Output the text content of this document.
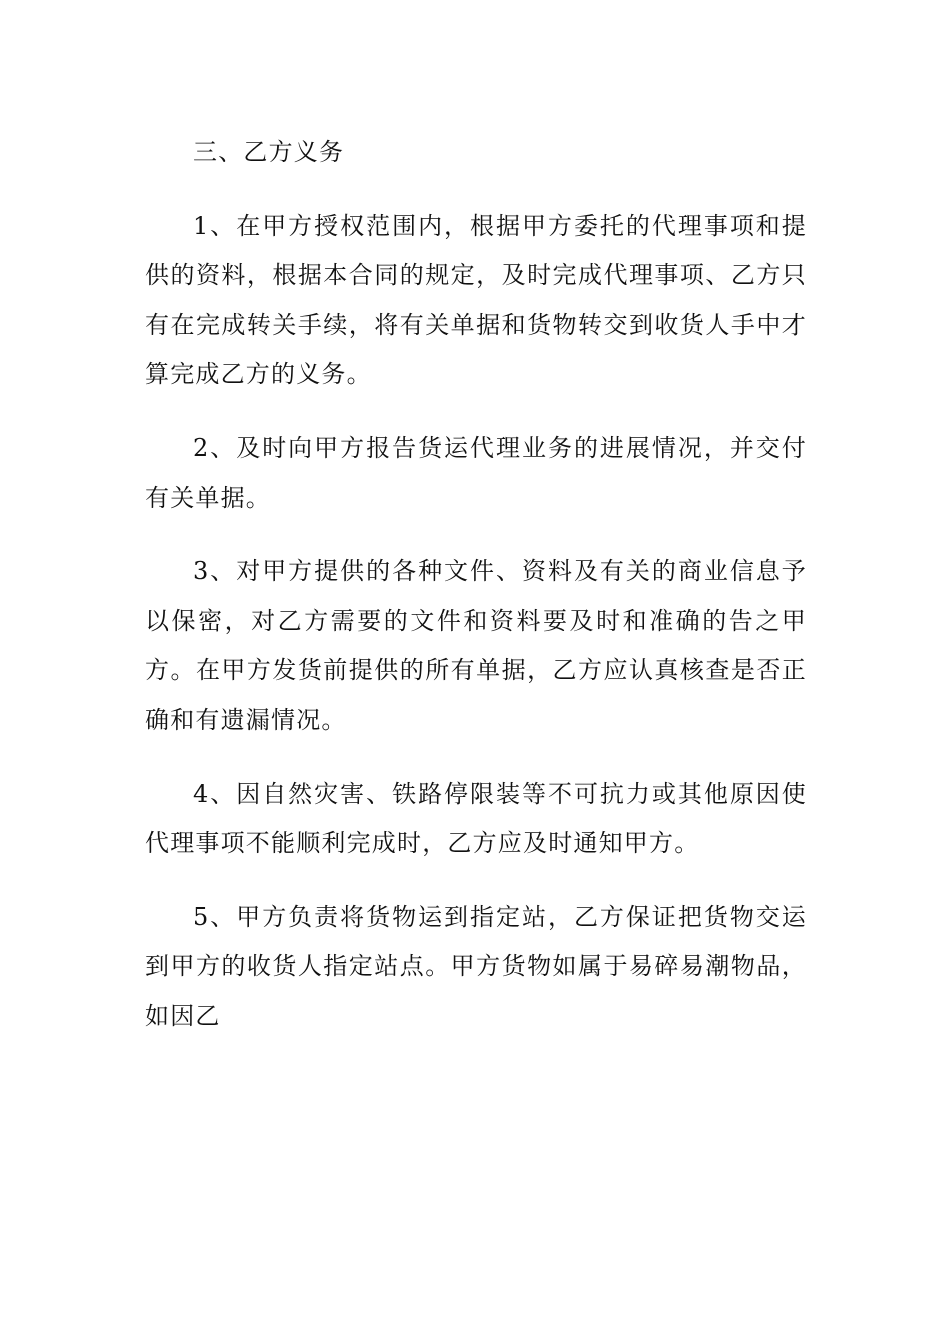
三、乙方义务

1、在甲方授权范围内，根据甲方委托的代理事项和提供的资料，根据本合同的规定，及时完成代理事项、乙方只有在完成转关手续，将有关单据和货物转交到收货人手中才算完成乙方的义务。

2、及时向甲方报告货运代理业务的进展情况，并交付有关单据。

3、对甲方提供的各种文件、资料及有关的商业信息予以保密，对乙方需要的文件和资料要及时和准确的告之甲方。在甲方发货前提供的所有单据，乙方应认真核查是否正确和有遗漏情况。

4、因自然灾害、铁路停限装等不可抗力或其他原因使代理事项不能顺利完成时，乙方应及时通知甲方。

5、甲方负责将货物运到指定站，乙方保证把货物交运到甲方的收货人指定站点。甲方货物如属于易碎易潮物品，如因乙
